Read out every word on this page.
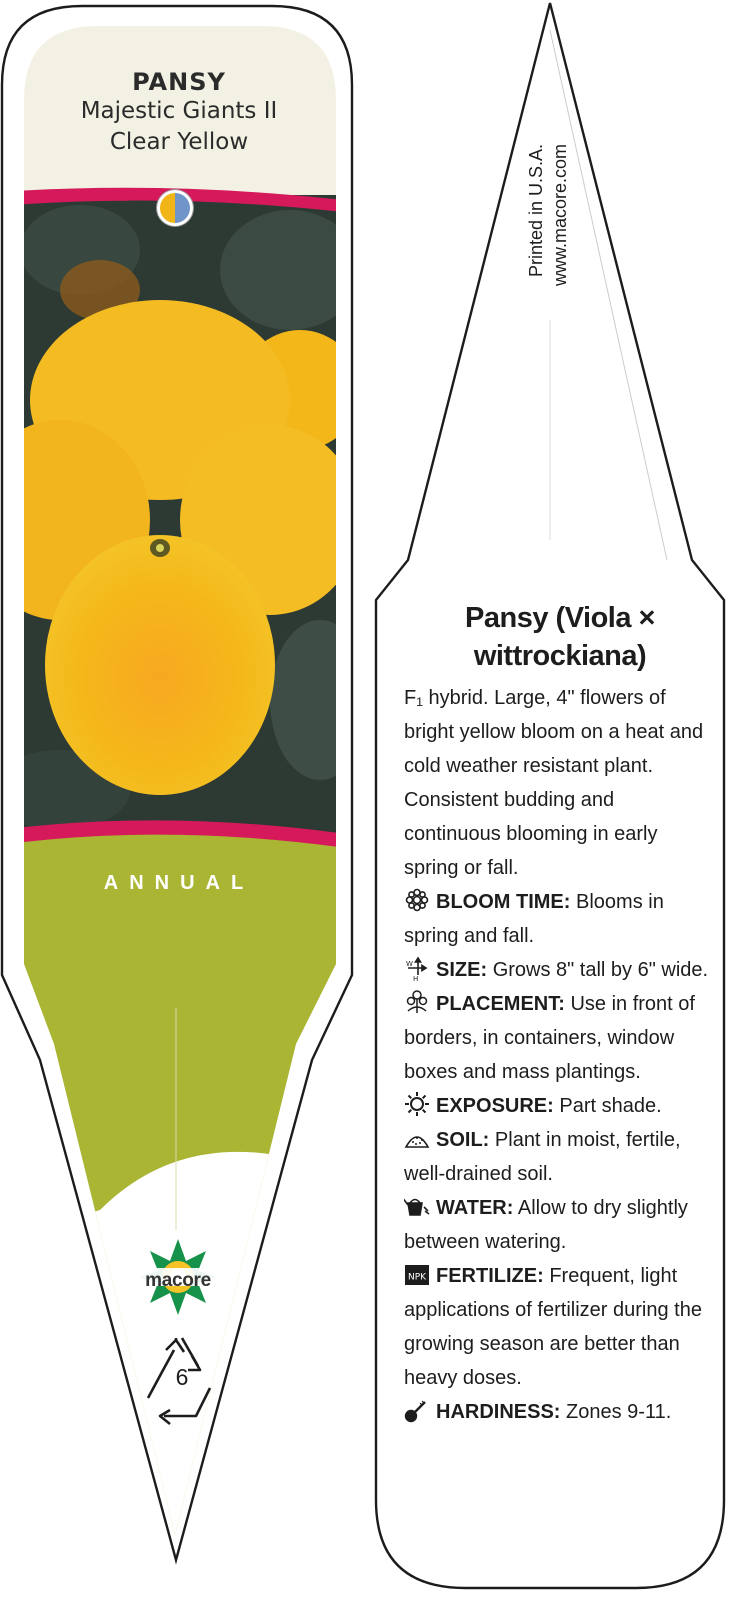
PANSY
Majestic Giants II
Clear Yellow
ANNUAL
macore
6
Printed in U.S.A. www.macore.com
Pansy (Viola × wittrockiana)
F₁ hybrid. Large, 4" flowers of bright yellow bloom on a heat and cold weather resistant plant. Consistent budding and continuous blooming in early spring or fall.
BLOOM TIME: Blooms in spring and fall.
W
H SIZE: Grows 8" tall by 6" wide.
PLACEMENT: Use in front of borders, in containers, window boxes and mass plantings.
EXPOSURE: Part shade.
SOIL: Plant in moist, fertile, well-drained soil.
WATER: Allow to dry slightly between watering.
NPK FERTILIZE: Frequent, light applications of fertilizer during the growing season are better than heavy doses.
HARDINESS: Zones 9-11.
